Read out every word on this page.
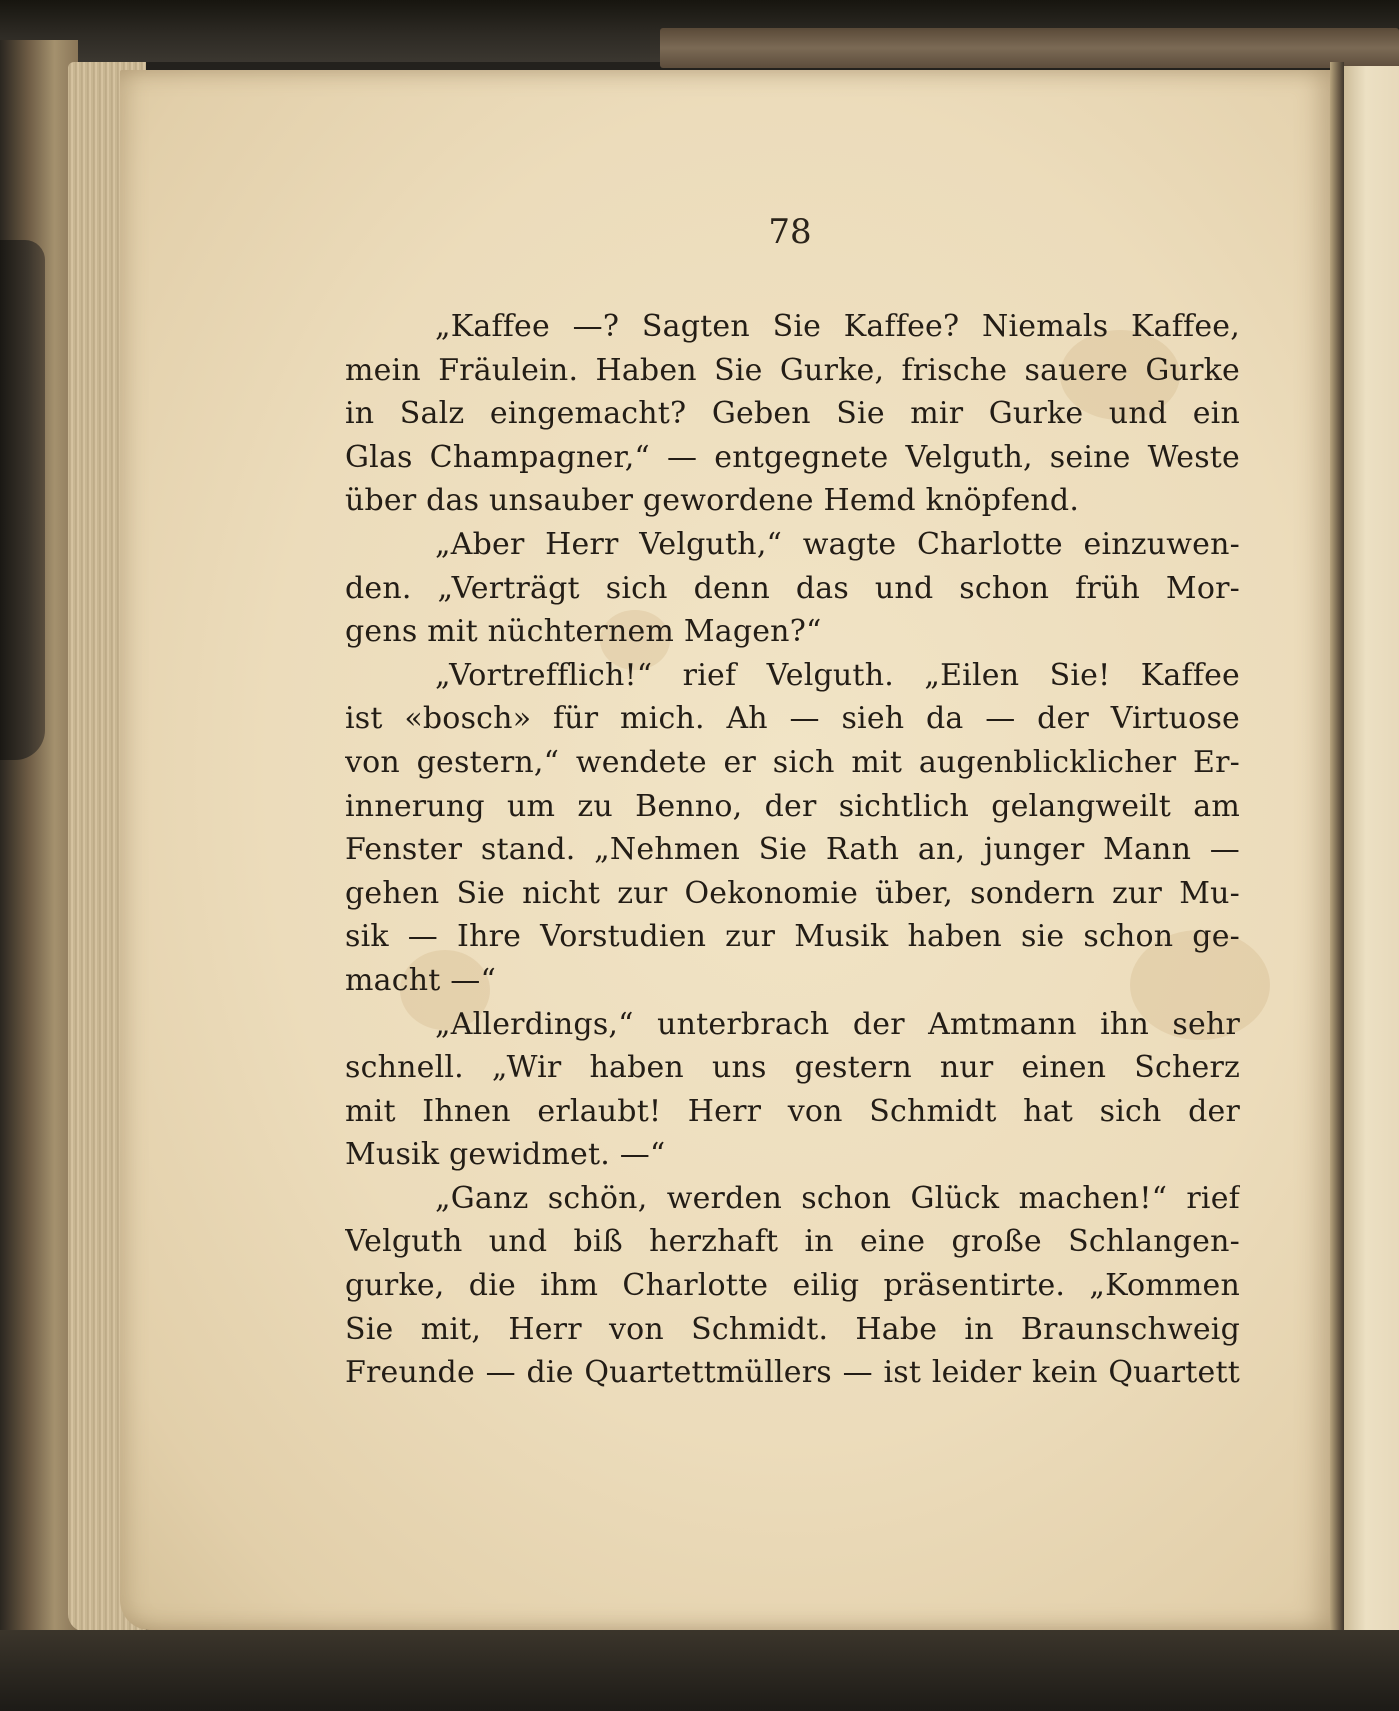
78

„Kaffee —? Sagten Sie Kaffee? Niemals Kaffee,
mein Fräulein. Haben Sie Gurke, frische sauere Gurke
in Salz eingemacht? Geben Sie mir Gurke und ein
Glas Champagner,“ — entgegnete Velguth, seine Weste
über das unsauber gewordene Hemd knöpfend.
„Aber Herr Velguth,“ wagte Charlotte einzuwen-
den. „Verträgt sich denn das und schon früh Mor-
gens mit nüchternem Magen?“
„Vortrefflich!“ rief Velguth. „Eilen Sie! Kaffee
ist «bosch» für mich. Ah — sieh da — der Virtuose
von gestern,“ wendete er sich mit augenblicklicher Er-
innerung um zu Benno, der sichtlich gelangweilt am
Fenster stand. „Nehmen Sie Rath an, junger Mann —
gehen Sie nicht zur Oekonomie über, sondern zur Mu-
sik — Ihre Vorstudien zur Musik haben sie schon ge-
macht —“
„Allerdings,“ unterbrach der Amtmann ihn sehr
schnell. „Wir haben uns gestern nur einen Scherz
mit Ihnen erlaubt! Herr von Schmidt hat sich der
Musik gewidmet. —“
„Ganz schön, werden schon Glück machen!“ rief
Velguth und biß herzhaft in eine große Schlangen-
gurke, die ihm Charlotte eilig präsentirte. „Kommen
Sie mit, Herr von Schmidt. Habe in Braunschweig
Freunde — die Quartettmüllers — ist leider kein Quartett
